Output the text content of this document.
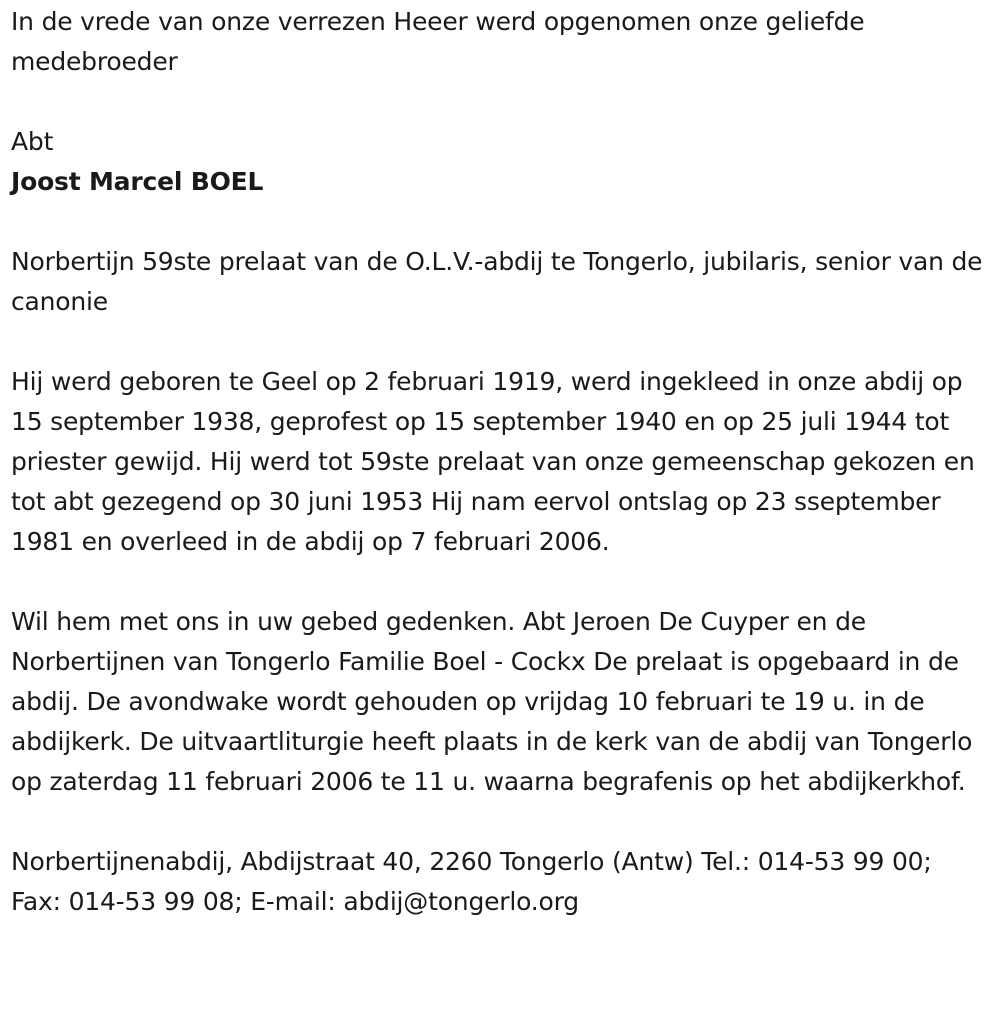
In de vrede van onze verrezen Heeer werd opgenomen onze geliefde medebroeder

Abt

Joost Marcel BOEL

Norbertijn 59ste prelaat van de O.L.V.-abdij te Tongerlo, jubilaris, senior van de canonie

Hij werd geboren te Geel op 2 februari 1919, werd ingekleed in onze abdij op 15 september 1938, geprofest op 15 september 1940 en op 25 juli 1944 tot priester gewijd. Hij werd tot 59ste prelaat van onze gemeenschap gekozen en tot abt gezegend op 30 juni 1953 Hij nam eervol ontslag op 23 sseptember 1981 en overleed in de abdij op 7 februari 2006.

Wil hem met ons in uw gebed gedenken. Abt Jeroen De Cuyper en de Norbertijnen van Tongerlo Familie Boel - Cockx De prelaat is opgebaard in de abdij. De avondwake wordt gehouden op vrijdag 10 februari te 19 u. in de abdijkerk. De uitvaartliturgie heeft plaats in de kerk van de abdij van Tongerlo op zaterdag 11 februari 2006 te 11 u. waarna begrafenis op het abdijkerkhof.

Norbertijnenabdij, Abdijstraat 40, 2260 Tongerlo (Antw) Tel.: 014-53 99 00; Fax: 014-53 99 08; E-mail: abdij@tongerlo.org
